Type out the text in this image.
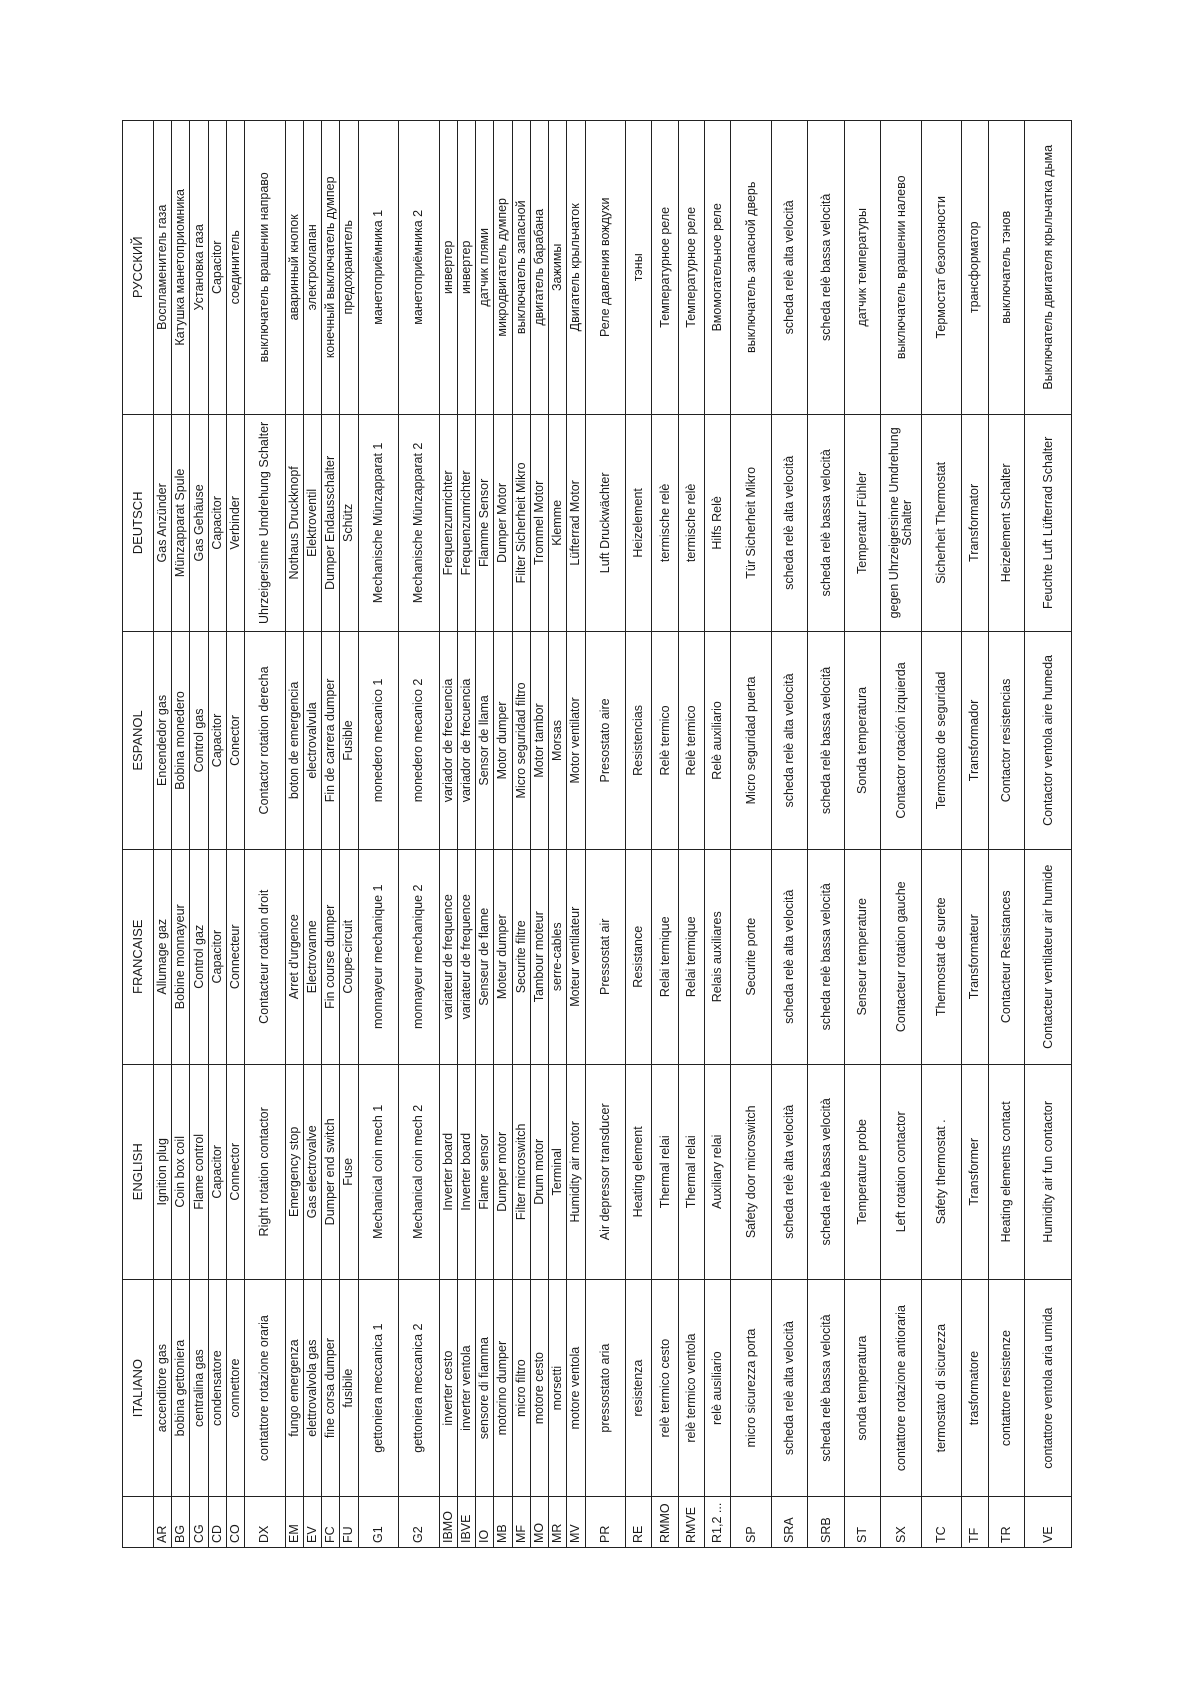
	ITALIANO	ENGLISH	FRANCAISE	ESPANOL	DEUTSCH	РУССКИЙ
AR	accenditore gas	Ignition plug	Allumage gaz	Encendedor gas	Gas Anzünder	Воспламенитель газа
BG	bobina gettoniera	Coin box coil	Bobine monnayeur	Bobina monedero	Münzapparat Spule	Катушка манетоприомника
CG	centralina gas	Flame control	Control gaz	Control gas	Gas Gehäuse	Установка газа
CD	condensatore	Capacitor	Capacitor	Capacitor	Capacitor	Capacitor
CO	connettore	Connector	Connecteur	Conector	Verbinder	соединитель
DX	contattore rotazione oraria	Right rotation contactor	Contacteur rotation droit	Contactor rotation derecha	Uhrzeigersinne Umdrehung Schalter	выключатель врашении направо
EM	fungo emergenza	Emergency stop	Arret d'urgence	boton de emergencia	Nothaus Druckknopf	аваринный кнопок
EV	elettrovalvola gas	Gas electrovalve	Electrovanne	electrovalvula	Elektroventil	электроклапан
FC	fine corsa dumper	Dumper end switch	Fin course dumper	Fin de carrera dumper	Dumper Endausschalter	конечный выключатель думпер
FU	fusibile	Fuse	Coupe-circuit	Fusible	Schütz	предохранитель
G1	gettoniera meccanica 1	Mechanical coin mech 1	monnayeur mechanique 1	monedero mecanico 1	Mechanische Münzapparat 1	манетоприёмника 1
G2	gettoniera meccanica 2	Mechanical coin mech 2	monnayeur mechanique 2	monedero mecanico 2	Mechanische Münzapparat 2	манетоприёмника 2
IBMO	inverter cesto	Inverter board	variateur de frequence	variador de frecuencia	Frequenzumrichter	инвертер
IBVE	inverter ventola	Inverter board	variateur de frequence	variador de frecuencia	Frequenzumrichter	инвертер
IO	sensore di fiamma	Flame sensor	Senseur de flame	Sensor de llama	Flamme Sensor	датчик плями
MB	motorino dumper	Dumper motor	Moteur dumper	Motor dumper	Dumper Motor	микродвигатель думпер
MF	micro filtro	Filter microswitch	Securite filtre	Micro seguridad filtro	Filter Sicherheit Mikro	выключатель запасной
MO	motore cesto	Drum motor	Tambour moteur	Motor tambor	Trommel Motor	двигатель барабана
MR	morsetti	Terminal	serre-cables	Morsas	Klemme	Зажимы
MV	motore ventola	Humidity air motor	Moteur ventilateur	Motor ventilator	Lüfterrad Motor	Двигатель крыльчаток
PR	pressostato aria	Air depressor transducer	Pressostat air	Presostato aire	Luft Druckwächter	Реле давления вождухи
RE	resistenza	Heating element	Resistance	Resistencias	Heizelement	тэны
RMMO	relè termico cesto	Thermal relai	Relai termique	Relè termico	termische relè	Температурное реле
RMVE	relè termico ventola	Thermal relai	Relai termique	Relè termico	termische relè	Температурное реле
R1,2 ...	relè ausiliario	Auxiliary relai	Relais auxiliares	Relè auxiliario	Hilfs Relè	Вмомогательное реле
SP	micro sicurezza porta	Safety door microswitch	Securite porte	Micro seguridad puerta	Tür Sicherheit Mikro	выключатель запасной дверь
SRA	scheda relè alta velocità	scheda relè alta velocità	scheda relè alta velocità	scheda relè alta velocità	scheda relè alta velocità	scheda relè alta velocità
SRB	scheda relè bassa velocità	scheda relè bassa velocità	scheda relè bassa velocità	scheda relè bassa velocità	scheda relè bassa velocità	scheda relè bassa velocità
ST	sonda temperatura	Temperature probe	Senseur temperature	Sonda temperatura	Temperatur Fühler	датчик температуры
SX	contattore rotazione antioraria	Left rotation contactor	Contacteur rotation gauche	Contactor rotación izquierda	gegen Uhrzeigersinne Umdrehung Schalter	выключатель врашении налево
TC	termostato di sicurezza	Safety thermostat .	Thermostat de surete	Termostato de seguridad	Sicherheit Thermostat	Термостат безопозности
TF	trasformatore	Transformer	Transformateur	Transformador	Transformator	трансформатор
TR	contattore resistenze	Heating elements contact	Contacteur Resistances	Contactor resistencias	Heizelement Schalter	выключатель тэнов
VE	contattore ventola aria umida	Humidity air fun contactor	Contacteur ventilateur air humide	Contactor ventola aire humeda	Feuchte Luft Lüfterrad Schalter	Выключатель двигателя крыльчатка дыма
